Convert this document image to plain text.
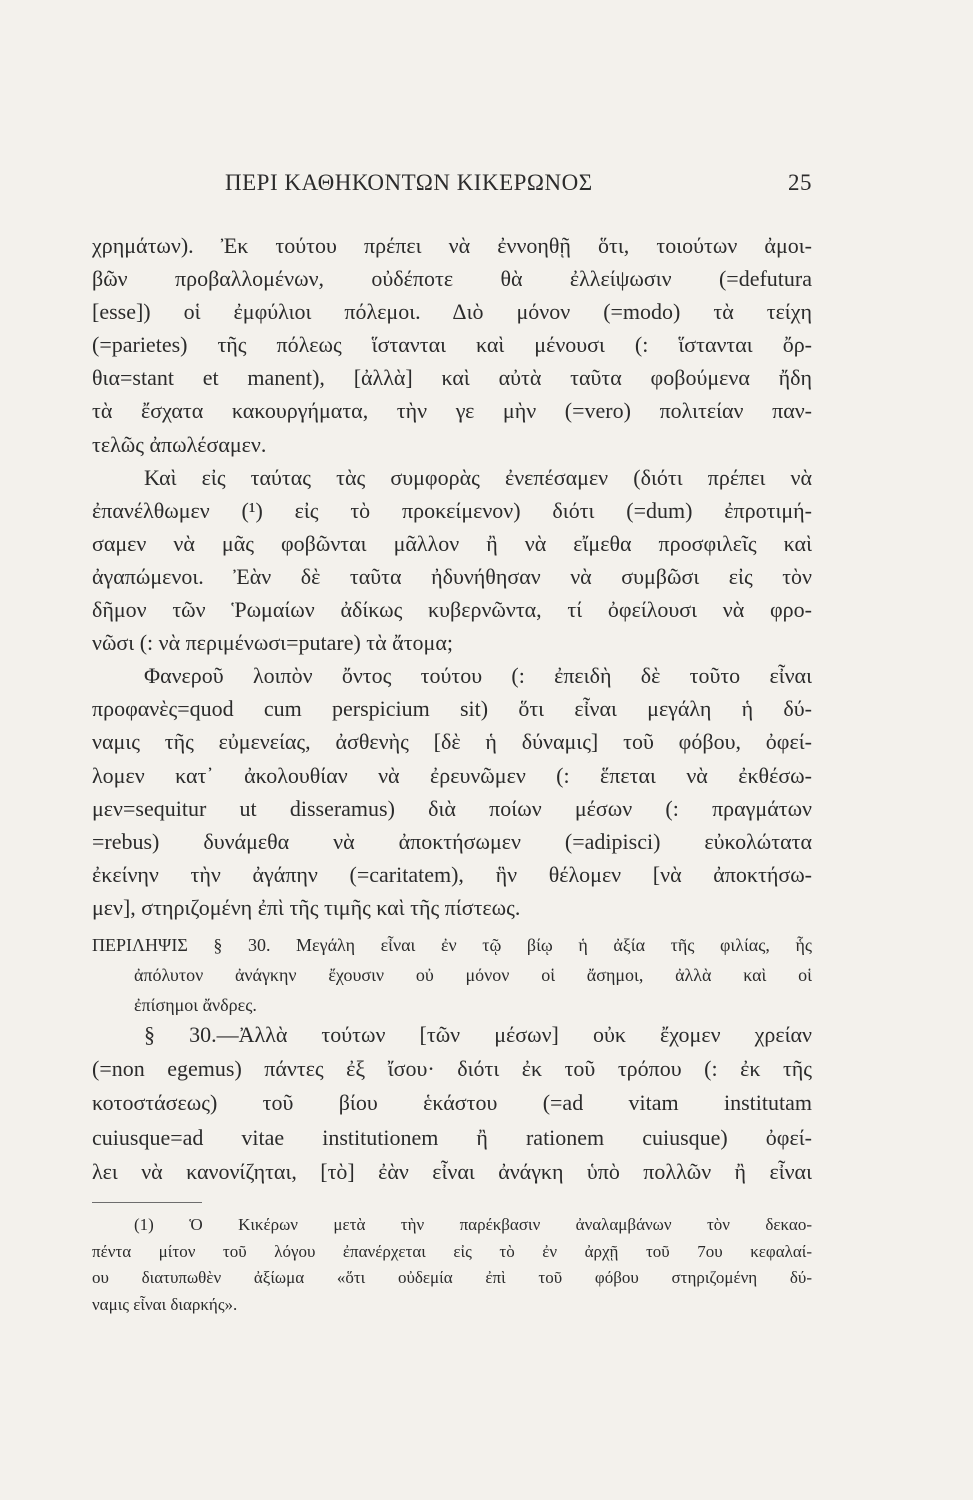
ΠΕΡΙ ΚΑΘΗΚΟΝΤΩΝ ΚΙΚΕΡΩΝΟΣ	25
χρημάτων). Ἐκ τούτου πρέπει νὰ ἐννοηθῇ ὅτι, τοιούτων ἀμοι-
βῶν προβαλλομένων, οὐδέποτε θὰ ἐλλείψωσιν (=defutura
[esse]) οἱ ἐμφύλιοι πόλεμοι. Διὸ μόνον (=modo) τὰ τείχη
(=parietes) τῆς πόλεως ἵστανται καὶ μένουσι (: ἵστανται ὄρ-
θια=stant et manent), [ἀλλὰ] καὶ αὐτὰ ταῦτα φοβούμενα ἤδη
τὰ ἔσχατα κακουργήματα, τὴν γε μὴν (=vero) πολιτείαν παν-
τελῶς ἀπωλέσαμεν.
Καὶ εἰς ταύτας τὰς συμφορὰς ἐνεπέσαμεν (διότι πρέπει νὰ
ἐπανέλθωμεν (¹) εἰς τὸ προκείμενον) διότι (=dum) ἐπροτιμή-
σαμεν νὰ μᾶς φοβῶνται μᾶλλον ἢ νὰ εἴμεθα προσφιλεῖς καὶ
ἀγαπώμενοι. Ἐὰν δὲ ταῦτα ἠδυνήθησαν νὰ συμβῶσι εἰς τὸν
δῆμον τῶν Ῥωμαίων ἀδίκως κυβερνῶντα, τί ὀφείλουσι νὰ φρο-
νῶσι (: νὰ περιμένωσι=putare) τὰ ἄτομα;
Φανεροῦ λοιπὸν ὄντος τούτου (: ἐπειδὴ δὲ τοῦτο εἶναι
προφανὲς=quod cum perspicium sit) ὅτι εἶναι μεγάλη ἡ δύ-
ναμις τῆς εὐμενείας, ἀσθενὴς [δὲ ἡ δύναμις] τοῦ φόβου, ὀφεί-
λομεν κατ᾿ ἀκολουθίαν νὰ ἐρευνῶμεν (: ἕπεται νὰ ἐκθέσω-
μεν=sequitur ut disseramus) διὰ ποίων μέσων (: πραγμάτων
=rebus) δυνάμεθα νὰ ἀποκτήσωμεν (=adipisci) εὐκολώτατα
ἐκείνην τὴν ἀγάπην (=caritatem), ἣν θέλομεν [νὰ ἀποκτήσω-
μεν], στηριζομένη ἐπὶ τῆς τιμῆς καὶ τῆς πίστεως.
ΠΕΡΙΛΗΨΙΣ § 30. Μεγάλη εἶναι ἐν τῷ βίῳ ἡ ἀξία τῆς φιλίας, ἧς
ἀπόλυτον ἀνάγκην ἔχουσιν οὐ μόνον οἱ ἄσημοι, ἀλλὰ καὶ οἱ
ἐπίσημοι ἄνδρες.
§ 30.—Ἀλλὰ τούτων [τῶν μέσων] οὐκ ἔχομεν χρείαν
(=non egemus) πάντες ἐξ ἴσου· διότι ἐκ τοῦ τρόπου (: ἐκ τῆς
κοτοστάσεως) τοῦ βίου ἑκάστου (=ad vitam institutam
cuiusque=ad vitae institutionem ἢ rationem cuiusque) ὀφεί-
λει νὰ κανονίζηται, [τὸ] ἐὰν εἶναι ἀνάγκη ὑπὸ πολλῶν ἢ εἶναι
(1) Ὁ Κικέρων μετὰ τὴν παρέκβασιν ἀναλαμβάνων τὸν δεκαο-
πέντα μίτον τοῦ λόγου ἐπανέρχεται εἰς τὸ ἐν ἀρχῇ τοῦ 7ου κεφαλαί-
ου διατυπωθὲν ἀξίωμα «ὅτι οὐδεμία ἐπὶ τοῦ φόβου στηριζομένη δύ-
ναμις εἶναι διαρκής».
